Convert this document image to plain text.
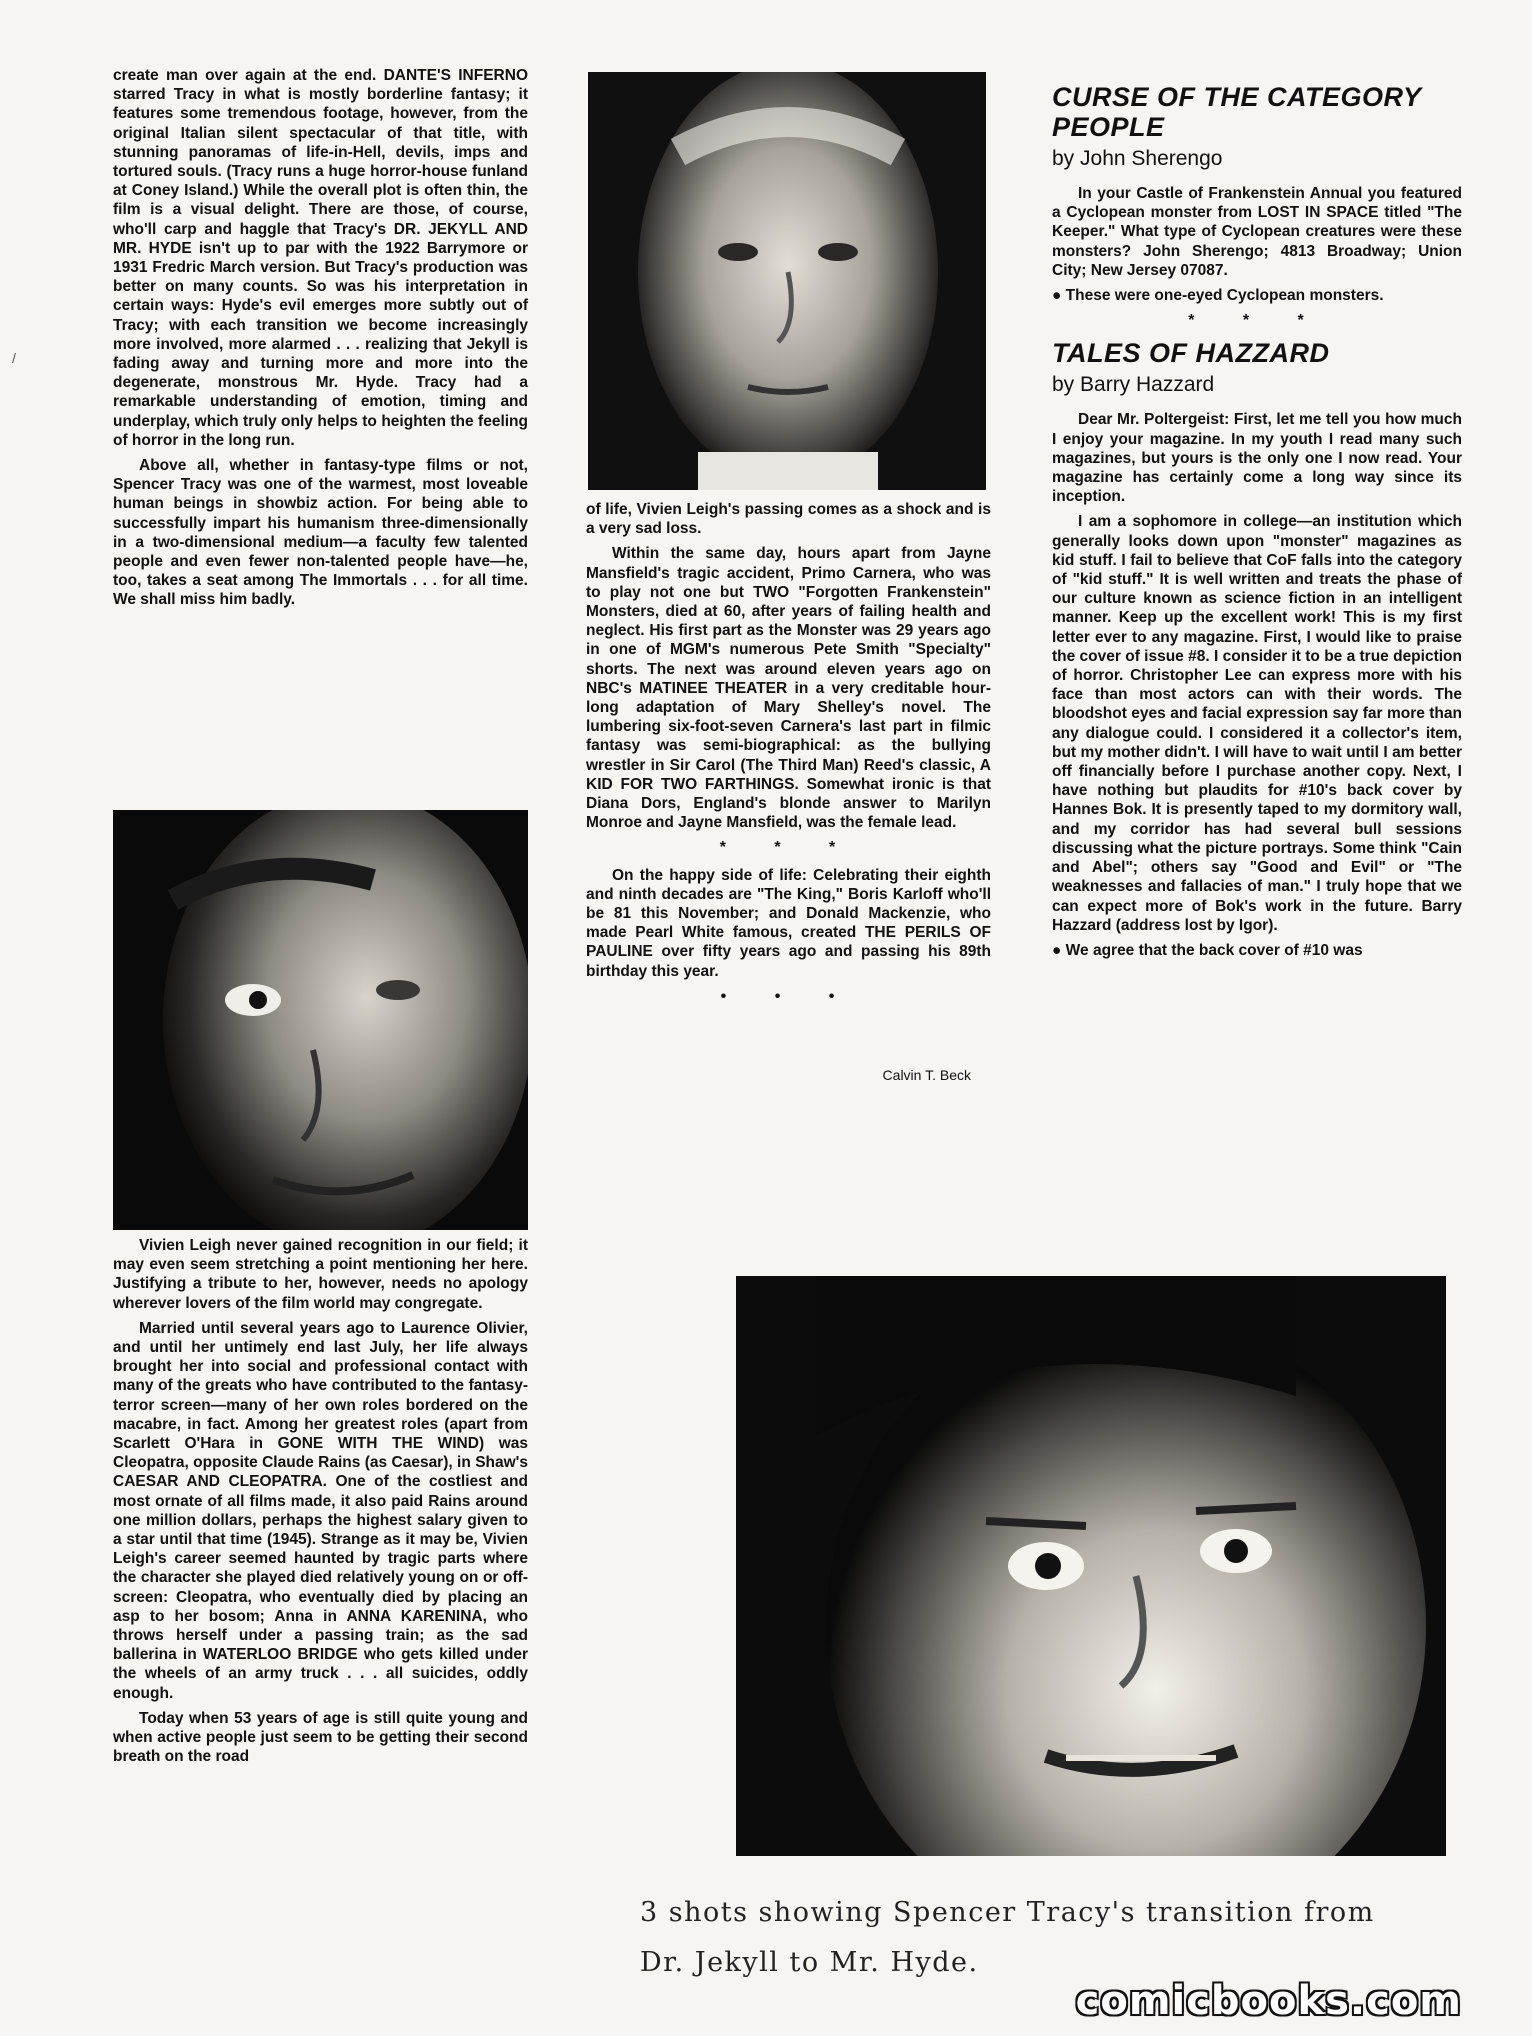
/

create man over again at the end. DANTE'S INFERNO starred Tracy in what is mostly borderline fantasy; it features some tremendous footage, however, from the original Italian silent spectacular of that title, with stunning panoramas of life-in-Hell, devils, imps and tortured souls. (Tracy runs a huge horror-house funland at Coney Island.) While the overall plot is often thin, the film is a visual delight. There are those, of course, who'll carp and haggle that Tracy's DR. JEKYLL AND MR. HYDE isn't up to par with the 1922 Barrymore or 1931 Fredric March version. But Tracy's production was better on many counts. So was his interpretation in certain ways: Hyde's evil emerges more subtly out of Tracy; with each transition we become increasingly more involved, more alarmed . . . realizing that Jekyll is fading away and turning more and more into the degenerate, monstrous Mr. Hyde. Tracy had a remarkable understanding of emotion, timing and underplay, which truly only helps to heighten the feeling of horror in the long run.

Above all, whether in fantasy-type films or not, Spencer Tracy was one of the warmest, most loveable human beings in showbiz action. For being able to successfully impart his humanism three-dimensionally in a two-dimensional medium—a faculty few talented people and even fewer non-talented people have—he, too, takes a seat among The Immortals . . . for all time. We shall miss him badly.

Vivien Leigh never gained recognition in our field; it may even seem stretching a point mentioning her here. Justifying a tribute to her, however, needs no apology wherever lovers of the film world may congregate.

Married until several years ago to Laurence Olivier, and until her untimely end last July, her life always brought her into social and professional contact with many of the greats who have contributed to the fantasy-terror screen—many of her own roles bordered on the macabre, in fact. Among her greatest roles (apart from Scarlett O'Hara in GONE WITH THE WIND) was Cleopatra, opposite Claude Rains (as Caesar), in Shaw's CAESAR AND CLEOPATRA. One of the costliest and most ornate of all films made, it also paid Rains around one million dollars, perhaps the highest salary given to a star until that time (1945). Strange as it may be, Vivien Leigh's career seemed haunted by tragic parts where the character she played died relatively young on or off-screen: Cleopatra, who eventually died by placing an asp to her bosom; Anna in ANNA KARENINA, who throws herself under a passing train; as the sad ballerina in WATERLOO BRIDGE who gets killed under the wheels of an army truck . . . all suicides, oddly enough.

Today when 53 years of age is still quite young and when active people just seem to be getting their second breath on the road

of life, Vivien Leigh's passing comes as a shock and is a very sad loss.

Within the same day, hours apart from Jayne Mansfield's tragic accident, Primo Carnera, who was to play not one but TWO "Forgotten Frankenstein" Monsters, died at 60, after years of failing health and neglect. His first part as the Monster was 29 years ago in one of MGM's numerous Pete Smith "Specialty" shorts. The next was around eleven years ago on NBC's MATINEE THEATER in a very creditable hour-long adaptation of Mary Shelley's novel. The lumbering six-foot-seven Carnera's last part in filmic fantasy was semi-biographical: as the bullying wrestler in Sir Carol (The Third Man) Reed's classic, A KID FOR TWO FARTHINGS. Somewhat ironic is that Diana Dors, England's blonde answer to Marilyn Monroe and Jayne Mansfield, was the female lead.

* * *

On the happy side of life: Celebrating their eighth and ninth decades are "The King," Boris Karloff who'll be 81 this November; and Donald Mackenzie, who made Pearl White famous, created THE PERILS OF PAULINE over fifty years ago and passing his 89th birthday this year.

• • •
Calvin T. Beck
CURSE OF THE CATEGORY PEOPLE
by John Sherengo

In your Castle of Frankenstein Annual you featured a Cyclopean monster from LOST IN SPACE titled "The Keeper." What type of Cyclopean creatures were these monsters? John Sherengo; 4813 Broadway; Union City; New Jersey 07087.

● These were one-eyed Cyclopean monsters.

* * *
TALES OF HAZZARD
by Barry Hazzard

Dear Mr. Poltergeist: First, let me tell you how much I enjoy your magazine. In my youth I read many such magazines, but yours is the only one I now read. Your magazine has certainly come a long way since its inception.

I am a sophomore in college—an institution which generally looks down upon "monster" magazines as kid stuff. I fail to believe that CoF falls into the category of "kid stuff." It is well written and treats the phase of our culture known as science fiction in an intelligent manner. Keep up the excellent work! This is my first letter ever to any magazine. First, I would like to praise the cover of issue #8. I consider it to be a true depiction of horror. Christopher Lee can express more with his face than most actors can with their words. The bloodshot eyes and facial expression say far more than any dialogue could. I considered it a collector's item, but my mother didn't. I will have to wait until I am better off financially before I purchase another copy. Next, I have nothing but plaudits for #10's back cover by Hannes Bok. It is presently taped to my dormitory wall, and my corridor has had several bull sessions discussing what the picture portrays. Some think "Cain and Abel"; others say "Good and Evil" or "The weaknesses and fallacies of man." I truly hope that we can expect more of Bok's work in the future. Barry Hazzard (address lost by Igor).

● We agree that the back cover of #10 was

3 shots showing Spencer Tracy's transition from
Dr. Jekyll to Mr. Hyde.
comicbooks.com
